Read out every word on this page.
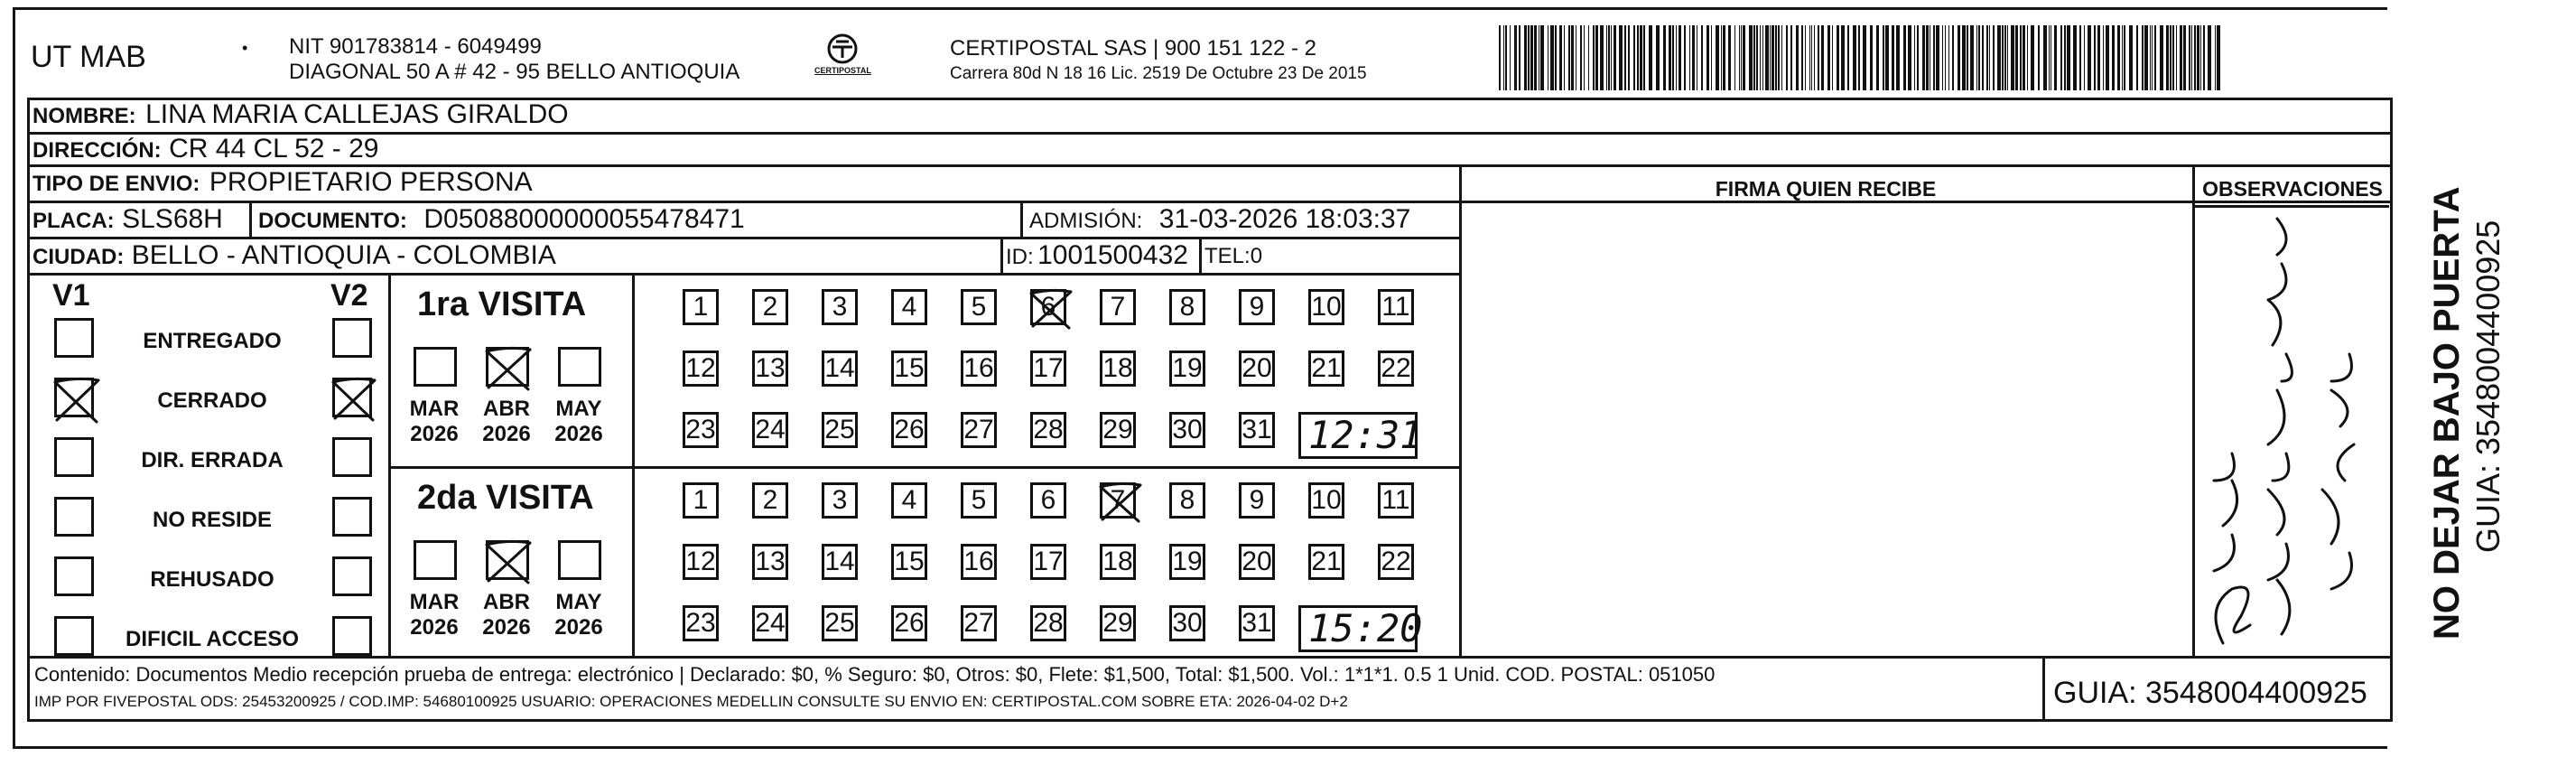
UT MAB	• NIT 901783814 - 6049499
DIAGONAL 50 A # 42 - 95 BELLO ANTIOQUIA	CERTIPOSTAL
CERTIPOSTAL SAS | 900 151 122 - 2
Carrera 80d N 18 16 Lic. 2519 De Octubre 23 De 2015
NOMBRE: LINA MARIA CALLEJAS GIRALDO
DIRECCIÓN: CR 44 CL 52 - 29
TIPO DE ENVIO: PROPIETARIO PERSONA	FIRMA QUIEN RECIBE	OBSERVACIONES
PLACA: SLS68H DOCUMENTO: D05088000000055478471	ADMISIÓN: 31-03-2026 18:03:37
CIUDAD: BELLO - ANTIOQUIA - COLOMBIA	ID: 1001500432 TEL:0
V1	V2
ENTREGADO
CERRADO
DIR. ERRADA
NO RESIDE
REHUSADO
DIFICIL ACCESO
1ra VISITA
MAR
2026
ABR
2026
MAY
2026
1	2	3	4	5	6	7	8	9	10 11
12 13 14 15 16 17 18 19 20 21 22
23 24 25 26 27 28 29 30 31 12:31
2da VISITA
MAR
2026
ABR
2026
MAY
2026
1	2	3	4	5	6	7	8	9	10 11
12 13 14 15 16 17 18 19 20 21 22
23 24 25 26 27 28 29 30 31 15:20	NO DEJAR BAJO PUERTA GUIA: 3548004400925
Contenido: Documentos Medio recepción prueba de entrega: electrónico | Declarado: $0, % Seguro: $0, Otros: $0, Flete: $1,500, Total: $1,500. Vol.: 1*1*1. 0.5 1 Unid. COD. POSTAL: 051050
IMP POR FIVEPOSTAL ODS: 25453200925 / COD.IMP: 54680100925 USUARIO: OPERACIONES MEDELLIN CONSULTE SU ENVIO EN: CERTIPOSTAL.COM SOBRE ETA: 2026-04-02 D+2	GUIA: 3548004400925
